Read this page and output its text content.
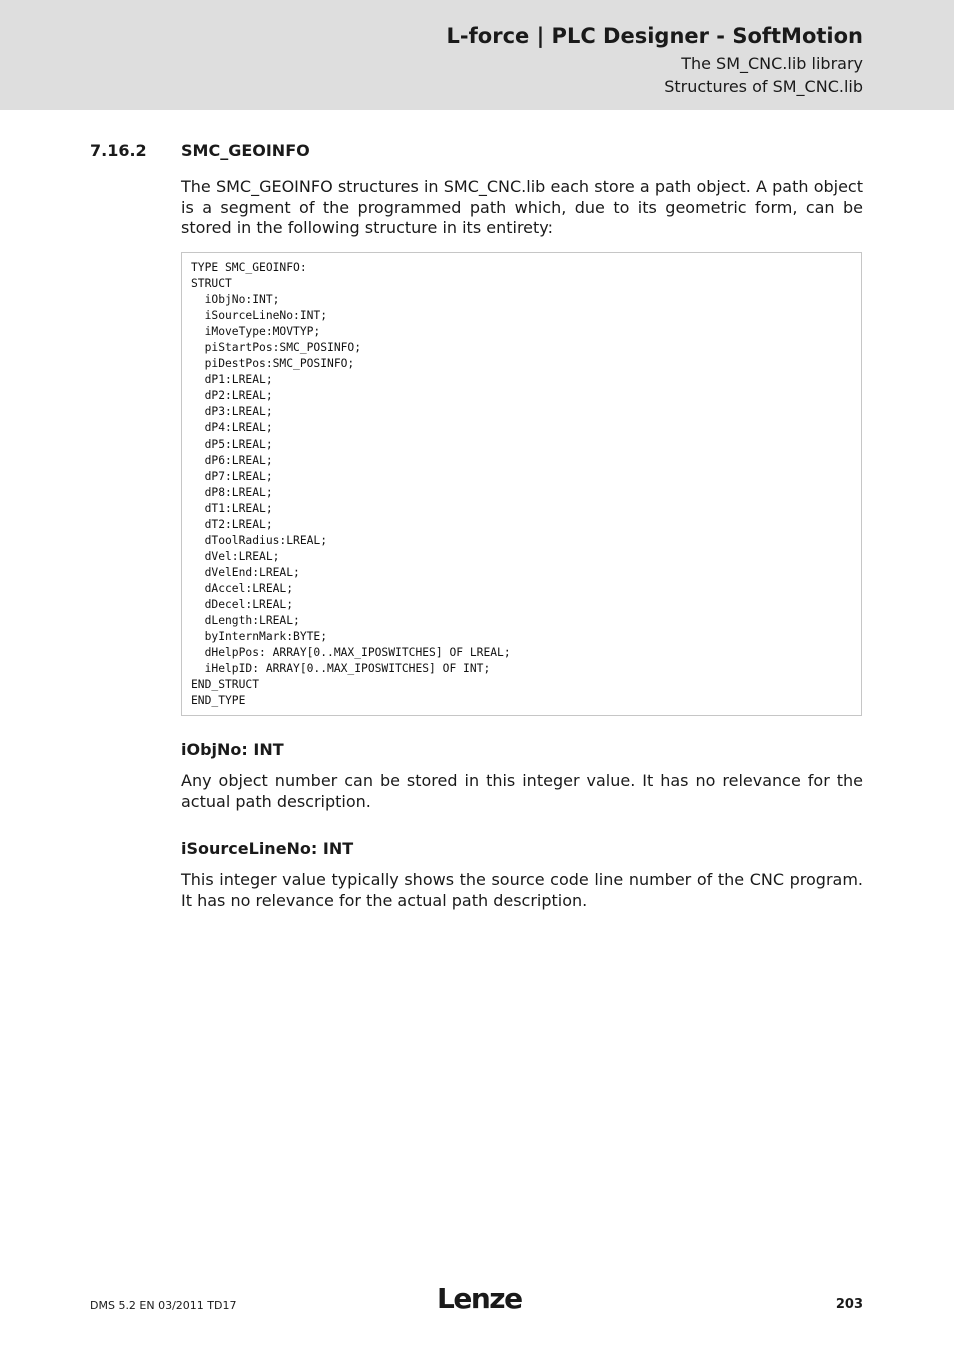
L-force | PLC Designer - SoftMotion
The SM_CNC.lib library
Structures of SM_CNC.lib
7.16.2 SMC_GEOINFO

The SMC_GEOINFO structures in SMC_CNC.lib each store a path object. A path object is a segment of the programmed path which, due to its geometric form, can be stored in the following structure in its entirety:

TYPE SMC_GEOINFO:
STRUCT
iObjNo:INT;
iSourceLineNo:INT;
iMoveType:MOVTYP;
piStartPos:SMC_POSINFO;
piDestPos:SMC_POSINFO;
dP1:LREAL;
dP2:LREAL;
dP3:LREAL;
dP4:LREAL;
dP5:LREAL;
dP6:LREAL;
dP7:LREAL;
dP8:LREAL;
dT1:LREAL;
dT2:LREAL;
dToolRadius:LREAL;
dVel:LREAL;
dVelEnd:LREAL;
dAccel:LREAL;
dDecel:LREAL;
dLength:LREAL;
byInternMark:BYTE;
dHelpPos: ARRAY[0..MAX_IPOSWITCHES] OF LREAL;
iHelpID: ARRAY[0..MAX_IPOSWITCHES] OF INT;
END_STRUCT
END_TYPE
iObjNo: INT

Any object number can be stored in this integer value. It has no relevance for the actual path description.

iSourceLineNo: INT

This integer value typically shows the source code line number of the CNC program. It has no relevance for the actual path description.

DMS 5.2 EN 03/2011 TD17	Lenze	203
